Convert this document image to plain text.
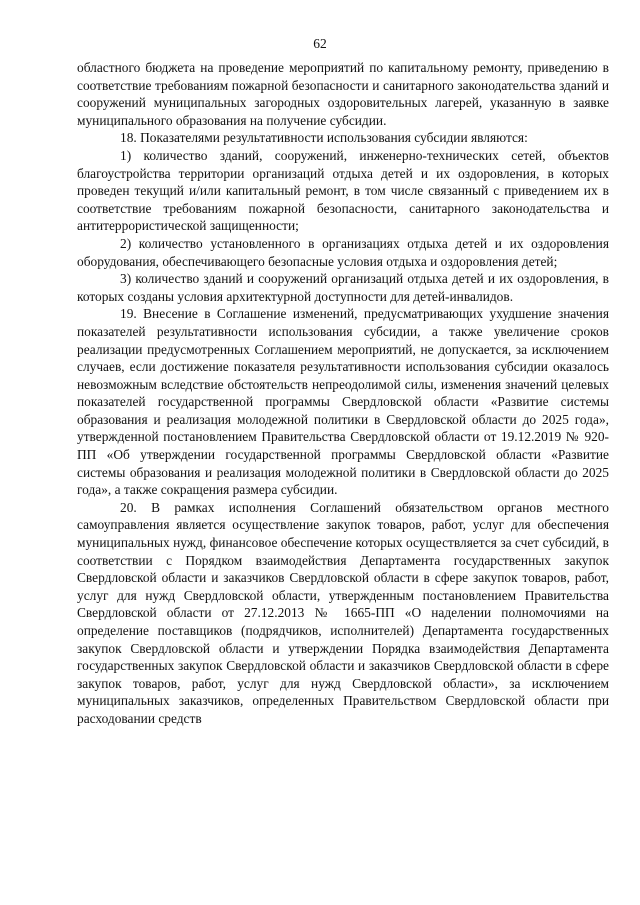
62

областного бюджета на проведение мероприятий по капитальному ремонту, приведению в соответствие требованиям пожарной безопасности и санитарного законодательства зданий и сооружений муниципальных загородных оздоровительных лагерей, указанную в заявке муниципального образования на получение субсидии.

18. Показателями результативности использования субсидии являются:

1) количество зданий, сооружений, инженерно-технических сетей, объектов благоустройства территории организаций отдыха детей и их оздоровления, в которых проведен текущий и/или капитальный ремонт, в том числе связанный с приведением их в соответствие требованиям пожарной безопасности, санитарного законодательства и антитеррористической защищенности;

2) количество установленного в организациях отдыха детей и их оздоровления оборудования, обеспечивающего безопасные условия отдыха и оздоровления детей;

3) количество зданий и сооружений организаций отдыха детей и их оздоровления, в которых созданы условия архитектурной доступности для детей-инвалидов.

19. Внесение в Соглашение изменений, предусматривающих ухудшение значения показателей результативности использования субсидии, а также увеличение сроков реализации предусмотренных Соглашением мероприятий, не допускается, за исключением случаев, если достижение показателя результативности использования субсидии оказалось невозможным вследствие обстоятельств непреодолимой силы, изменения значений целевых показателей государственной программы Свердловской области «Развитие системы образования и реализация молодежной политики в Свердловской области до 2025 года», утвержденной постановлением Правительства Свердловской области от 19.12.2019 № 920-ПП «Об утверждении государственной программы Свердловской области «Развитие системы образования и реализация молодежной политики в Свердловской области до 2025 года», а также сокращения размера субсидии.

20. В рамках исполнения Соглашений обязательством органов местного самоуправления является осуществление закупок товаров, работ, услуг для обеспечения муниципальных нужд, финансовое обеспечение которых осуществляется за счет субсидий, в соответствии с Порядком взаимодействия Департамента государственных закупок Свердловской области и заказчиков Свердловской области в сфере закупок товаров, работ, услуг для нужд Свердловской области, утвержденным постановлением Правительства Свердловской области от 27.12.2013 № 1665-ПП «О наделении полномочиями на определение поставщиков (подрядчиков, исполнителей) Департамента государственных закупок Свердловской области и утверждении Порядка взаимодействия Департамента государственных закупок Свердловской области и заказчиков Свердловской области в сфере закупок товаров, работ, услуг для нужд Свердловской области», за исключением муниципальных заказчиков, определенных Правительством Свердловской области при расходовании средств
